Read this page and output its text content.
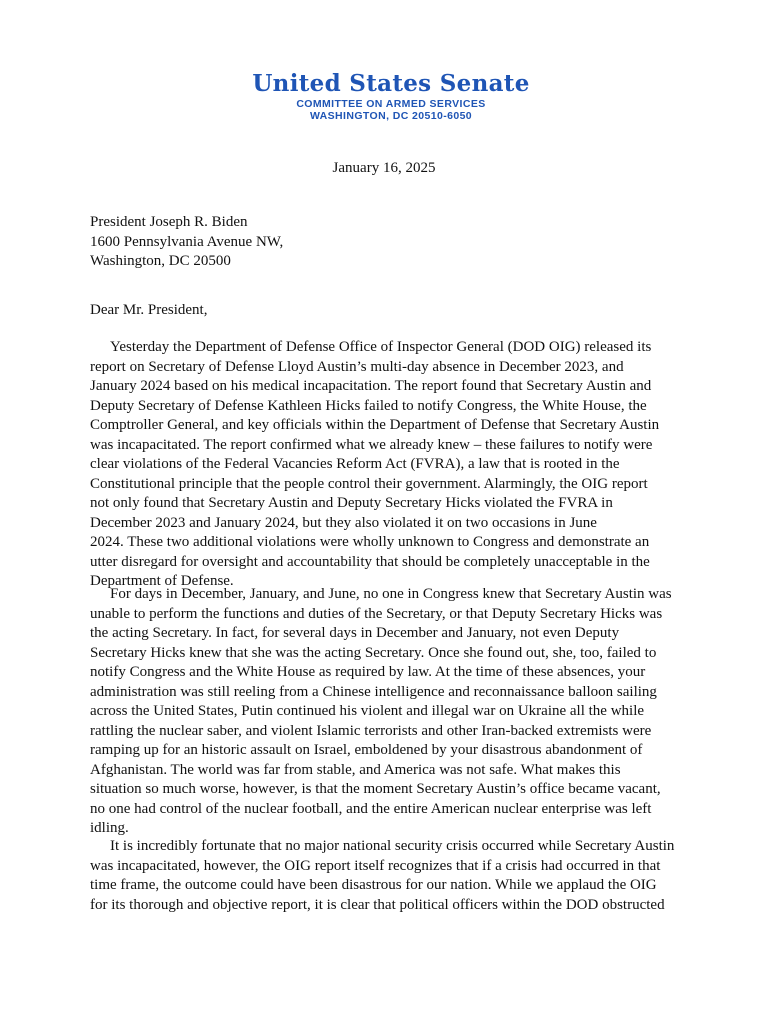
United States Senate
COMMITTEE ON ARMED SERVICES
WASHINGTON, DC 20510-6050
January 16, 2025
President Joseph R. Biden
1600 Pennsylvania Avenue NW,
Washington, DC 20500
Dear Mr. President,
Yesterday the Department of Defense Office of Inspector General (DOD OIG) released its
report on Secretary of Defense Lloyd Austin’s multi-day absence in December 2023, and
January 2024 based on his medical incapacitation. The report found that Secretary Austin and
Deputy Secretary of Defense Kathleen Hicks failed to notify Congress, the White House, the
Comptroller General, and key officials within the Department of Defense that Secretary Austin
was incapacitated. The report confirmed what we already knew – these failures to notify were
clear violations of the Federal Vacancies Reform Act (FVRA), a law that is rooted in the
Constitutional principle that the people control their government. Alarmingly, the OIG report
not only found that Secretary Austin and Deputy Secretary Hicks violated the FVRA in
December 2023 and January 2024, but they also violated it on two occasions in June
2024. These two additional violations were wholly unknown to Congress and demonstrate an
utter disregard for oversight and accountability that should be completely unacceptable in the
Department of Defense.
For days in December, January, and June, no one in Congress knew that Secretary Austin was
unable to perform the functions and duties of the Secretary, or that Deputy Secretary Hicks was
the acting Secretary. In fact, for several days in December and January, not even Deputy
Secretary Hicks knew that she was the acting Secretary. Once she found out, she, too, failed to
notify Congress and the White House as required by law. At the time of these absences, your
administration was still reeling from a Chinese intelligence and reconnaissance balloon sailing
across the United States, Putin continued his violent and illegal war on Ukraine all the while
rattling the nuclear saber, and violent Islamic terrorists and other Iran-backed extremists were
ramping up for an historic assault on Israel, emboldened by your disastrous abandonment of
Afghanistan. The world was far from stable, and America was not safe. What makes this
situation so much worse, however, is that the moment Secretary Austin’s office became vacant,
no one had control of the nuclear football, and the entire American nuclear enterprise was left
idling.
It is incredibly fortunate that no major national security crisis occurred while Secretary Austin
was incapacitated, however, the OIG report itself recognizes that if a crisis had occurred in that
time frame, the outcome could have been disastrous for our nation. While we applaud the OIG
for its thorough and objective report, it is clear that political officers within the DOD obstructed
